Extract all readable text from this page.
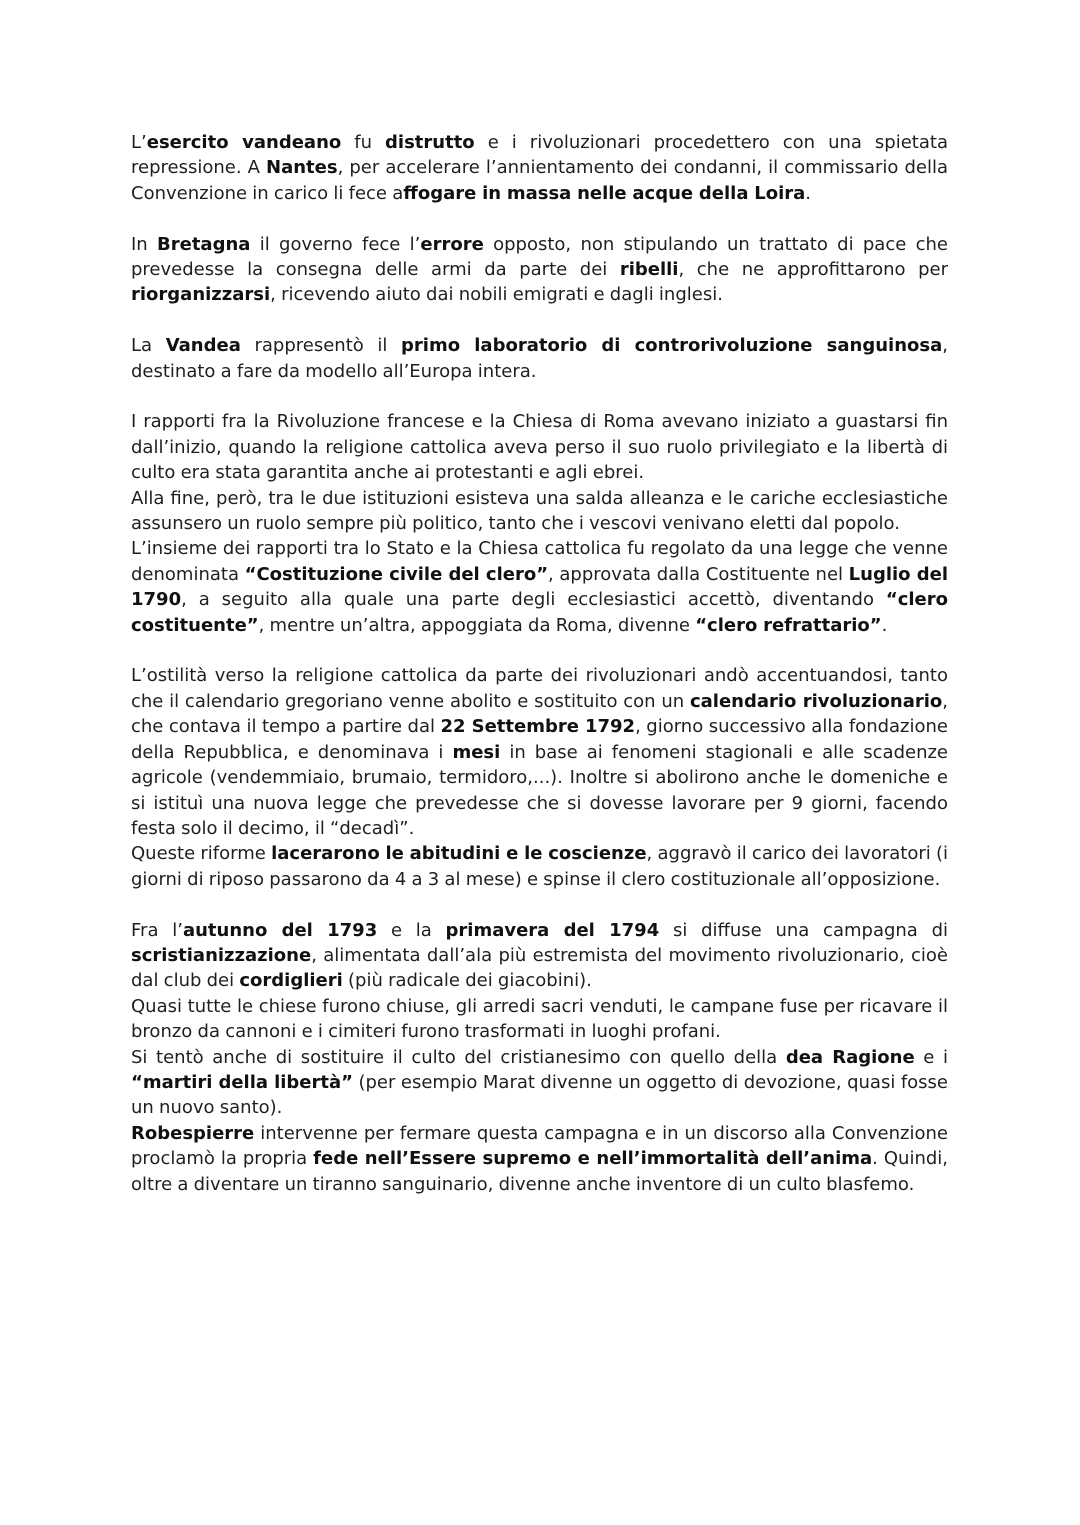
L’esercito vandeano fu distrutto e i rivoluzionari procedettero con una spietata repressione. A Nantes, per accelerare l’annientamento dei condanni, il commissario della Convenzione in carico li fece affogare in massa nelle acque della Loira.

In Bretagna il governo fece l’errore opposto, non stipulando un trattato di pace che prevedesse la consegna delle armi da parte dei ribelli, che ne approfittarono per riorganizzarsi, ricevendo aiuto dai nobili emigrati e dagli inglesi.

La Vandea rappresentò il primo laboratorio di controrivoluzione sanguinosa, destinato a fare da modello all’Europa intera.

I rapporti fra la Rivoluzione francese e la Chiesa di Roma avevano iniziato a guastarsi fin dall’inizio, quando la religione cattolica aveva perso il suo ruolo privilegiato e la libertà di culto era stata garantita anche ai protestanti e agli ebrei.

Alla fine, però, tra le due istituzioni esisteva una salda alleanza e le cariche ecclesiastiche assunsero un ruolo sempre più politico, tanto che i vescovi venivano eletti dal popolo.

L’insieme dei rapporti tra lo Stato e la Chiesa cattolica fu regolato da una legge che venne denominata “Costituzione civile del clero”, approvata dalla Costituente nel Luglio del 1790, a seguito alla quale una parte degli ecclesiastici accettò, diventando “clero costituente”, mentre un’altra, appoggiata da Roma, divenne “clero refrattario”.

L’ostilità verso la religione cattolica da parte dei rivoluzionari andò accentuandosi, tanto che il calendario gregoriano venne abolito e sostituito con un calendario rivoluzionario, che contava il tempo a partire dal 22 Settembre 1792, giorno successivo alla fondazione della Repubblica, e denominava i mesi in base ai fenomeni stagionali e alle scadenze agricole (vendemmiaio, brumaio, termidoro,...). Inoltre si abolirono anche le domeniche e si istituì una nuova legge che prevedesse che si dovesse lavorare per 9 giorni, facendo festa solo il decimo, il “decadì”.

Queste riforme lacerarono le abitudini e le coscienze, aggravò il carico dei lavoratori (i giorni di riposo passarono da 4 a 3 al mese) e spinse il clero costituzionale all’opposizione.

Fra l’autunno del 1793 e la primavera del 1794 si diffuse una campagna di scristianizzazione, alimentata dall’ala più estremista del movimento rivoluzionario, cioè dal club dei cordiglieri (più radicale dei giacobini).

Quasi tutte le chiese furono chiuse, gli arredi sacri venduti, le campane fuse per ricavare il bronzo da cannoni e i cimiteri furono trasformati in luoghi profani.

Si tentò anche di sostituire il culto del cristianesimo con quello della dea Ragione e i “martiri della libertà” (per esempio Marat divenne un oggetto di devozione, quasi fosse un nuovo santo).

Robespierre intervenne per fermare questa campagna e in un discorso alla Convenzione proclamò la propria fede nell’Essere supremo e nell’immortalità dell’anima. Quindi, oltre a diventare un tiranno sanguinario, divenne anche inventore di un culto blasfemo.
